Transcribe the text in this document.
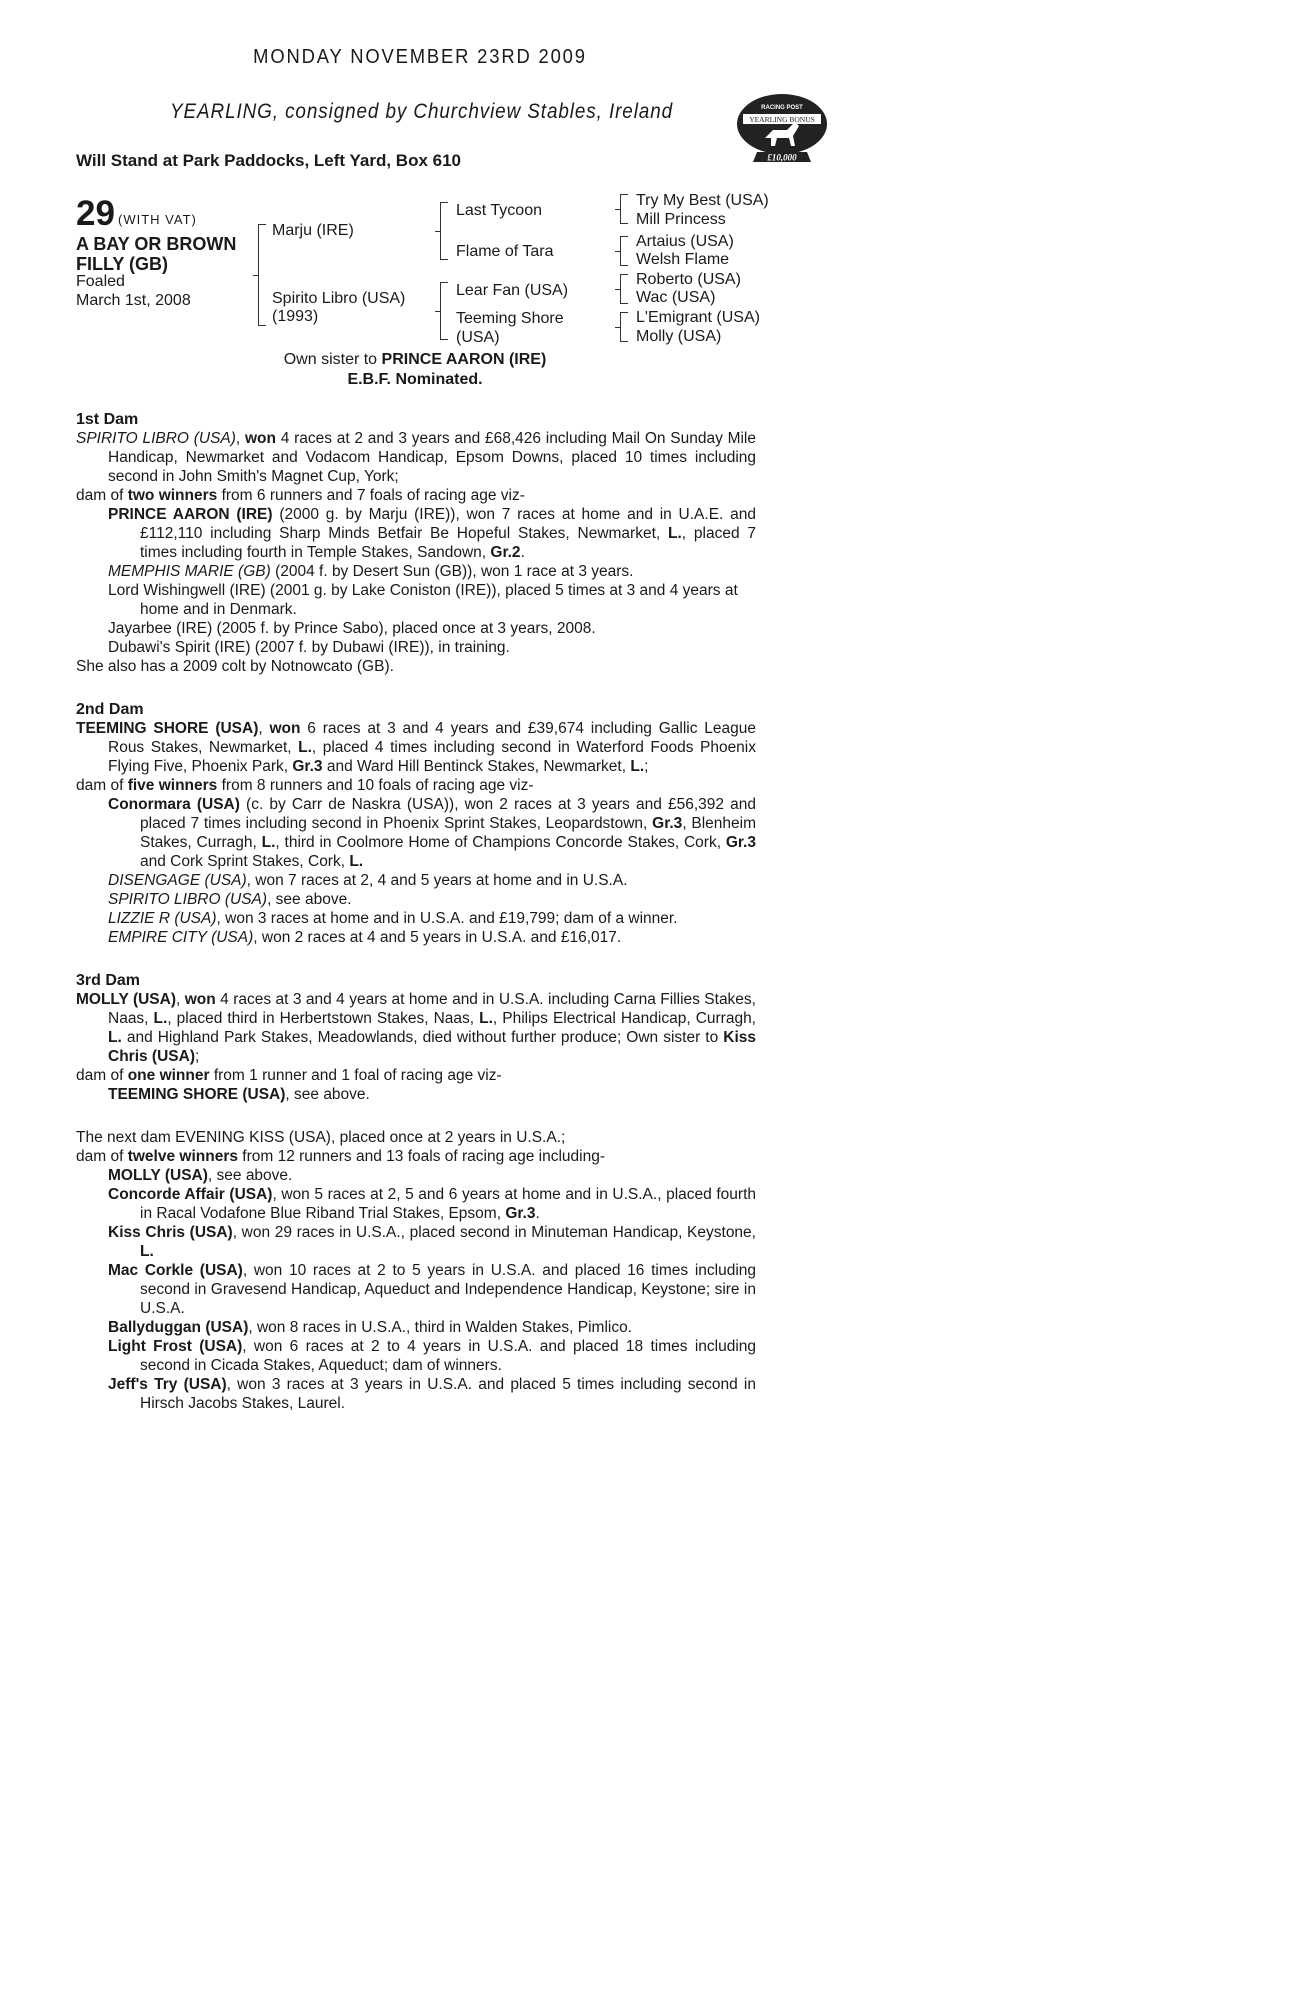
MONDAY NOVEMBER 23RD 2009
YEARLING, consigned by Churchview Stables, Ireland
Will Stand at Park Paddocks, Left Yard, Box 610
RACING POST
YEARLING BONUS
£10,000
29 (WITH VAT)
A BAY OR BROWN FILLY (GB)
Foaled
March 1st, 2008
Marju (IRE)
Spirito Libro (USA)
(1993)
Last Tycoon
Flame of Tara
Lear Fan (USA)
Teeming Shore
(USA)
Try My Best (USA)
Mill Princess
Artaius (USA)
Welsh Flame
Roberto (USA)
Wac (USA)
L'Emigrant (USA)
Molly (USA)
Own sister to PRINCE AARON (IRE)
E.B.F. Nominated.

1st Dam

SPIRITO LIBRO (USA), won 4 races at 2 and 3 years and £68,426 including Mail On Sunday Mile Handicap, Newmarket and Vodacom Handicap, Epsom Downs, placed 10 times including second in John Smith's Magnet Cup, York;

dam of two winners from 6 runners and 7 foals of racing age viz-

PRINCE AARON (IRE) (2000 g. by Marju (IRE)), won 7 races at home and in U.A.E. and £112,110 including Sharp Minds Betfair Be Hopeful Stakes, Newmarket, L., placed 7 times including fourth in Temple Stakes, Sandown, Gr.2.

MEMPHIS MARIE (GB) (2004 f. by Desert Sun (GB)), won 1 race at 3 years.

Lord Wishingwell (IRE) (2001 g. by Lake Coniston (IRE)), placed 5 times at 3 and 4 years at home and in Denmark.

Jayarbee (IRE) (2005 f. by Prince Sabo), placed once at 3 years, 2008.

Dubawi's Spirit (IRE) (2007 f. by Dubawi (IRE)), in training.

She also has a 2009 colt by Notnowcato (GB).

2nd Dam

TEEMING SHORE (USA), won 6 races at 3 and 4 years and £39,674 including Gallic League Rous Stakes, Newmarket, L., placed 4 times including second in Waterford Foods Phoenix Flying Five, Phoenix Park, Gr.3 and Ward Hill Bentinck Stakes, Newmarket, L.;

dam of five winners from 8 runners and 10 foals of racing age viz-

Conormara (USA) (c. by Carr de Naskra (USA)), won 2 races at 3 years and £56,392 and placed 7 times including second in Phoenix Sprint Stakes, Leopardstown, Gr.3, Blenheim Stakes, Curragh, L., third in Coolmore Home of Champions Concorde Stakes, Cork, Gr.3 and Cork Sprint Stakes, Cork, L.

DISENGAGE (USA), won 7 races at 2, 4 and 5 years at home and in U.S.A.

SPIRITO LIBRO (USA), see above.

LIZZIE R (USA), won 3 races at home and in U.S.A. and £19,799; dam of a winner.

EMPIRE CITY (USA), won 2 races at 4 and 5 years in U.S.A. and £16,017.

3rd Dam

MOLLY (USA), won 4 races at 3 and 4 years at home and in U.S.A. including Carna Fillies Stakes, Naas, L., placed third in Herbertstown Stakes, Naas, L., Philips Electrical Handicap, Curragh, L. and Highland Park Stakes, Meadowlands, died without further produce; Own sister to Kiss Chris (USA);

dam of one winner from 1 runner and 1 foal of racing age viz-

TEEMING SHORE (USA), see above.

The next dam EVENING KISS (USA), placed once at 2 years in U.S.A.;

dam of twelve winners from 12 runners and 13 foals of racing age including-

MOLLY (USA), see above.

Concorde Affair (USA), won 5 races at 2, 5 and 6 years at home and in U.S.A., placed fourth in Racal Vodafone Blue Riband Trial Stakes, Epsom, Gr.3.

Kiss Chris (USA), won 29 races in U.S.A., placed second in Minuteman Handicap, Keystone, L.

Mac Corkle (USA), won 10 races at 2 to 5 years in U.S.A. and placed 16 times including second in Gravesend Handicap, Aqueduct and Independence Handicap, Keystone; sire in U.S.A.

Ballyduggan (USA), won 8 races in U.S.A., third in Walden Stakes, Pimlico.

Light Frost (USA), won 6 races at 2 to 4 years in U.S.A. and placed 18 times including second in Cicada Stakes, Aqueduct; dam of winners.

Jeff's Try (USA), won 3 races at 3 years in U.S.A. and placed 5 times including second in Hirsch Jacobs Stakes, Laurel.
